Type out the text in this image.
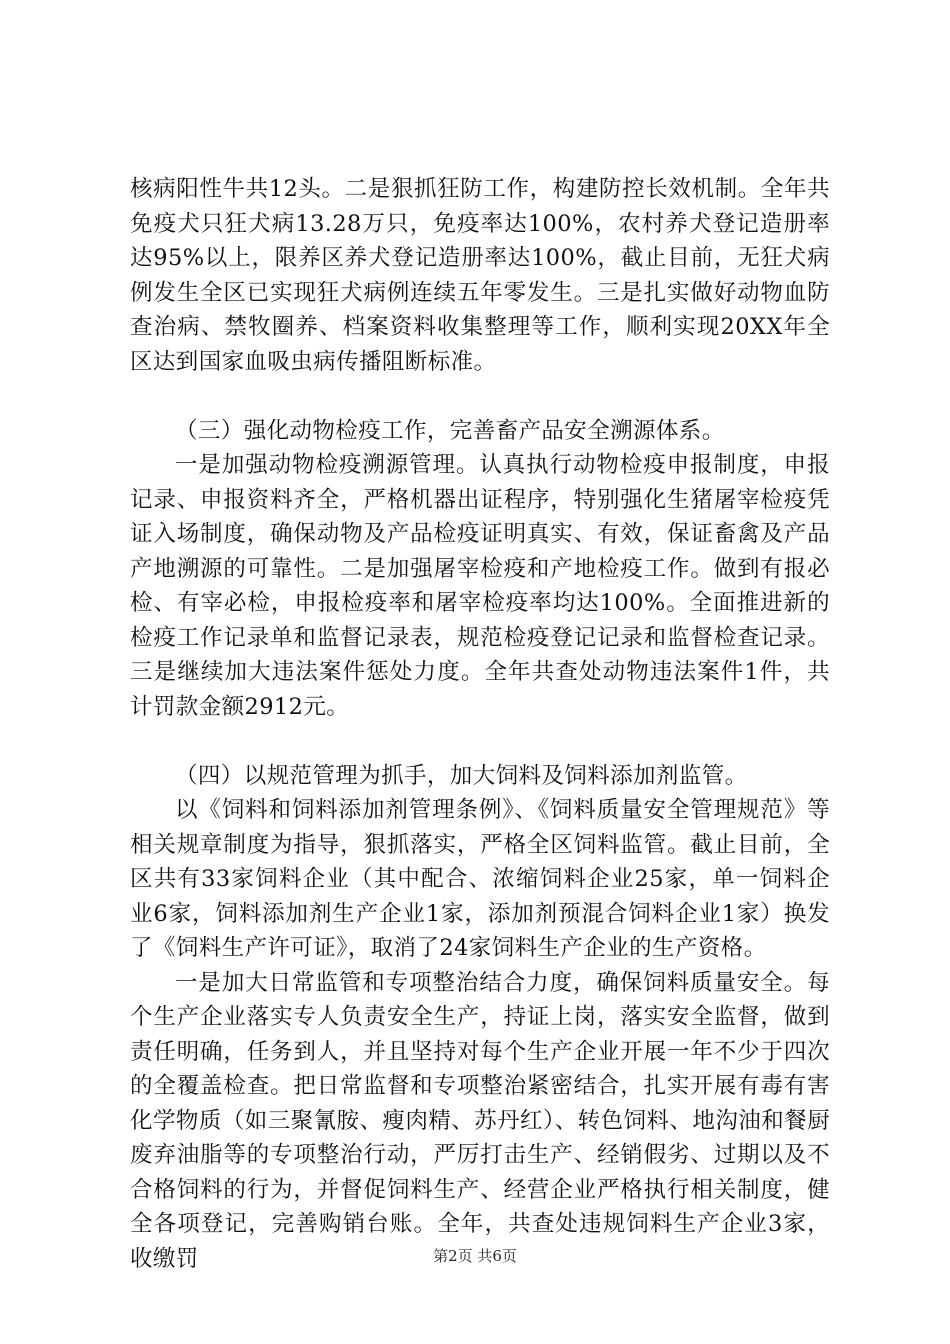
核病阳性牛共12头。二是狠抓狂防工作，构建防控长效机制。全年共免疫犬只狂犬病13.28万只，免疫率达100%，农村养犬登记造册率达95%以上，限养区养犬登记造册率达100%，截止目前，无狂犬病例发生全区已实现狂犬病例连续五年零发生。三是扎实做好动物血防查治病、禁牧圈养、档案资料收集整理等工作，顺利实现20XX年全区达到国家血吸虫病传播阻断标准。

（三）强化动物检疫工作，完善畜产品安全溯源体系。

一是加强动物检疫溯源管理。认真执行动物检疫申报制度，申报记录、申报资料齐全，严格机器出证程序，特别强化生猪屠宰检疫凭证入场制度，确保动物及产品检疫证明真实、有效，保证畜禽及产品产地溯源的可靠性。二是加强屠宰检疫和产地检疫工作。做到有报必检、有宰必检，申报检疫率和屠宰检疫率均达100%。全面推进新的检疫工作记录单和监督记录表，规范检疫登记记录和监督检查记录。三是继续加大违法案件惩处力度。全年共查处动物违法案件1件，共计罚款金额2912元。

（四）以规范管理为抓手，加大饲料及饲料添加剂监管。

以《饲料和饲料添加剂管理条例》、《饲料质量安全管理规范》等相关规章制度为指导，狠抓落实，严格全区饲料监管。截止目前，全区共有33家饲料企业（其中配合、浓缩饲料企业25家，单一饲料企业6家，饲料添加剂生产企业1家，添加剂预混合饲料企业1家）换发了《饲料生产许可证》，取消了24家饲料生产企业的生产资格。

一是加大日常监管和专项整治结合力度，确保饲料质量安全。每个生产企业落实专人负责安全生产，持证上岗，落实安全监督，做到责任明确，任务到人，并且坚持对每个生产企业开展一年不少于四次的全覆盖检查。把日常监督和专项整治紧密结合，扎实开展有毒有害化学物质（如三聚氰胺、瘦肉精、苏丹红）、转色饲料、地沟油和餐厨废弃油脂等的专项整治行动，严厉打击生产、经销假劣、过期以及不合格饲料的行为，并督促饲料生产、经营企业严格执行相关制度，健全各项登记，完善购销台账。全年，共查处违规饲料生产企业3家，收缴罚	第2页 共6页
